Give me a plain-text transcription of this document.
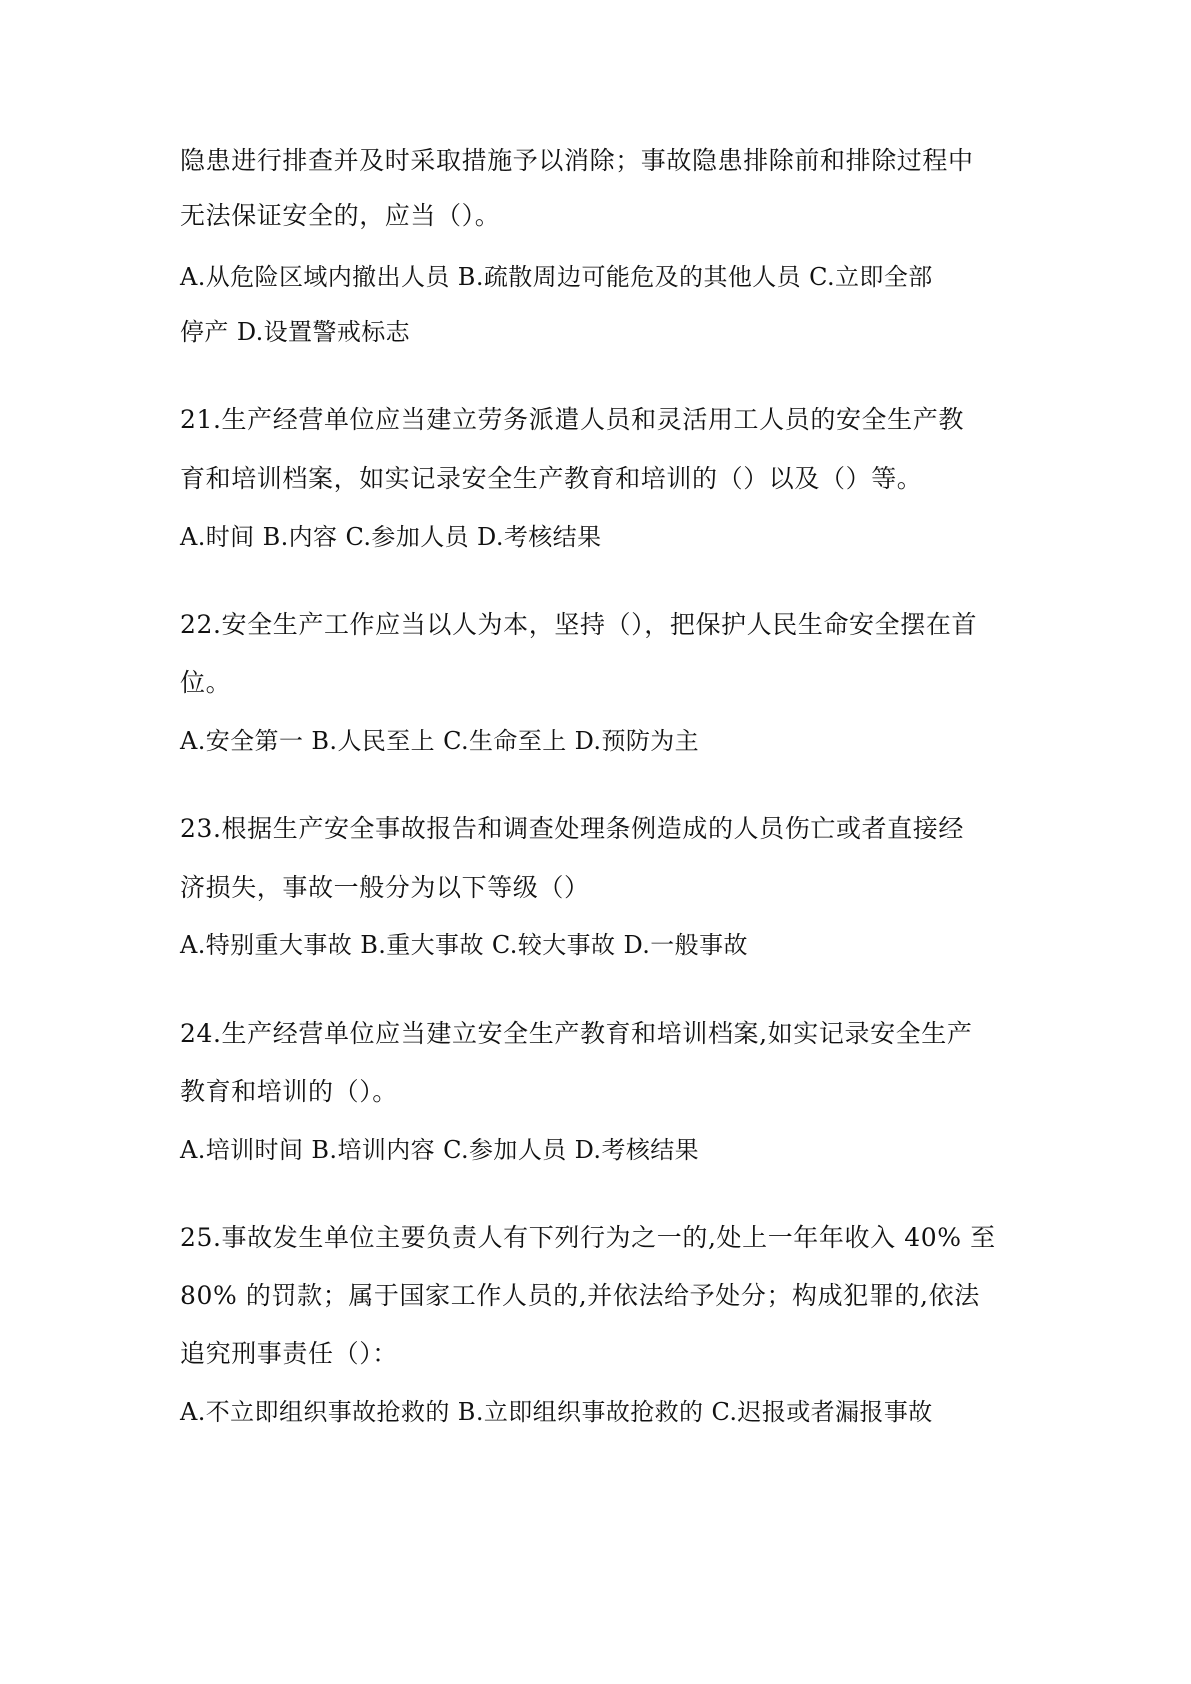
隐患进行排查并及时采取措施予以消除；事故隐患排除前和排除过程中
无法保证安全的，应当（）。
A.从危险区域内撤出人员 B.疏散周边可能危及的其他人员 C.立即全部
停产 D.设置警戒标志
21.生产经营单位应当建立劳务派遣人员和灵活用工人员的安全生产教
育和培训档案，如实记录安全生产教育和培训的（）以及（）等。
A.时间 B.内容 C.参加人员 D.考核结果
22.安全生产工作应当以人为本，坚持（），把保护人民生命安全摆在首
位。
A.安全第一 B.人民至上 C.生命至上 D.预防为主
23.根据生产安全事故报告和调查处理条例造成的人员伤亡或者直接经
济损失，事故一般分为以下等级（）
A.特别重大事故 B.重大事故 C.较大事故 D.一般事故
24.生产经营单位应当建立安全生产教育和培训档案,如实记录安全生产
教育和培训的（）。
A.培训时间 B.培训内容 C.参加人员 D.考核结果
25.事故发生单位主要负责人有下列行为之一的,处上一年年收入 40% 至
80% 的罚款；属于国家工作人员的,并依法给予处分；构成犯罪的,依法
追究刑事责任（）：
A.不立即组织事故抢救的 B.立即组织事故抢救的 C.迟报或者漏报事故
